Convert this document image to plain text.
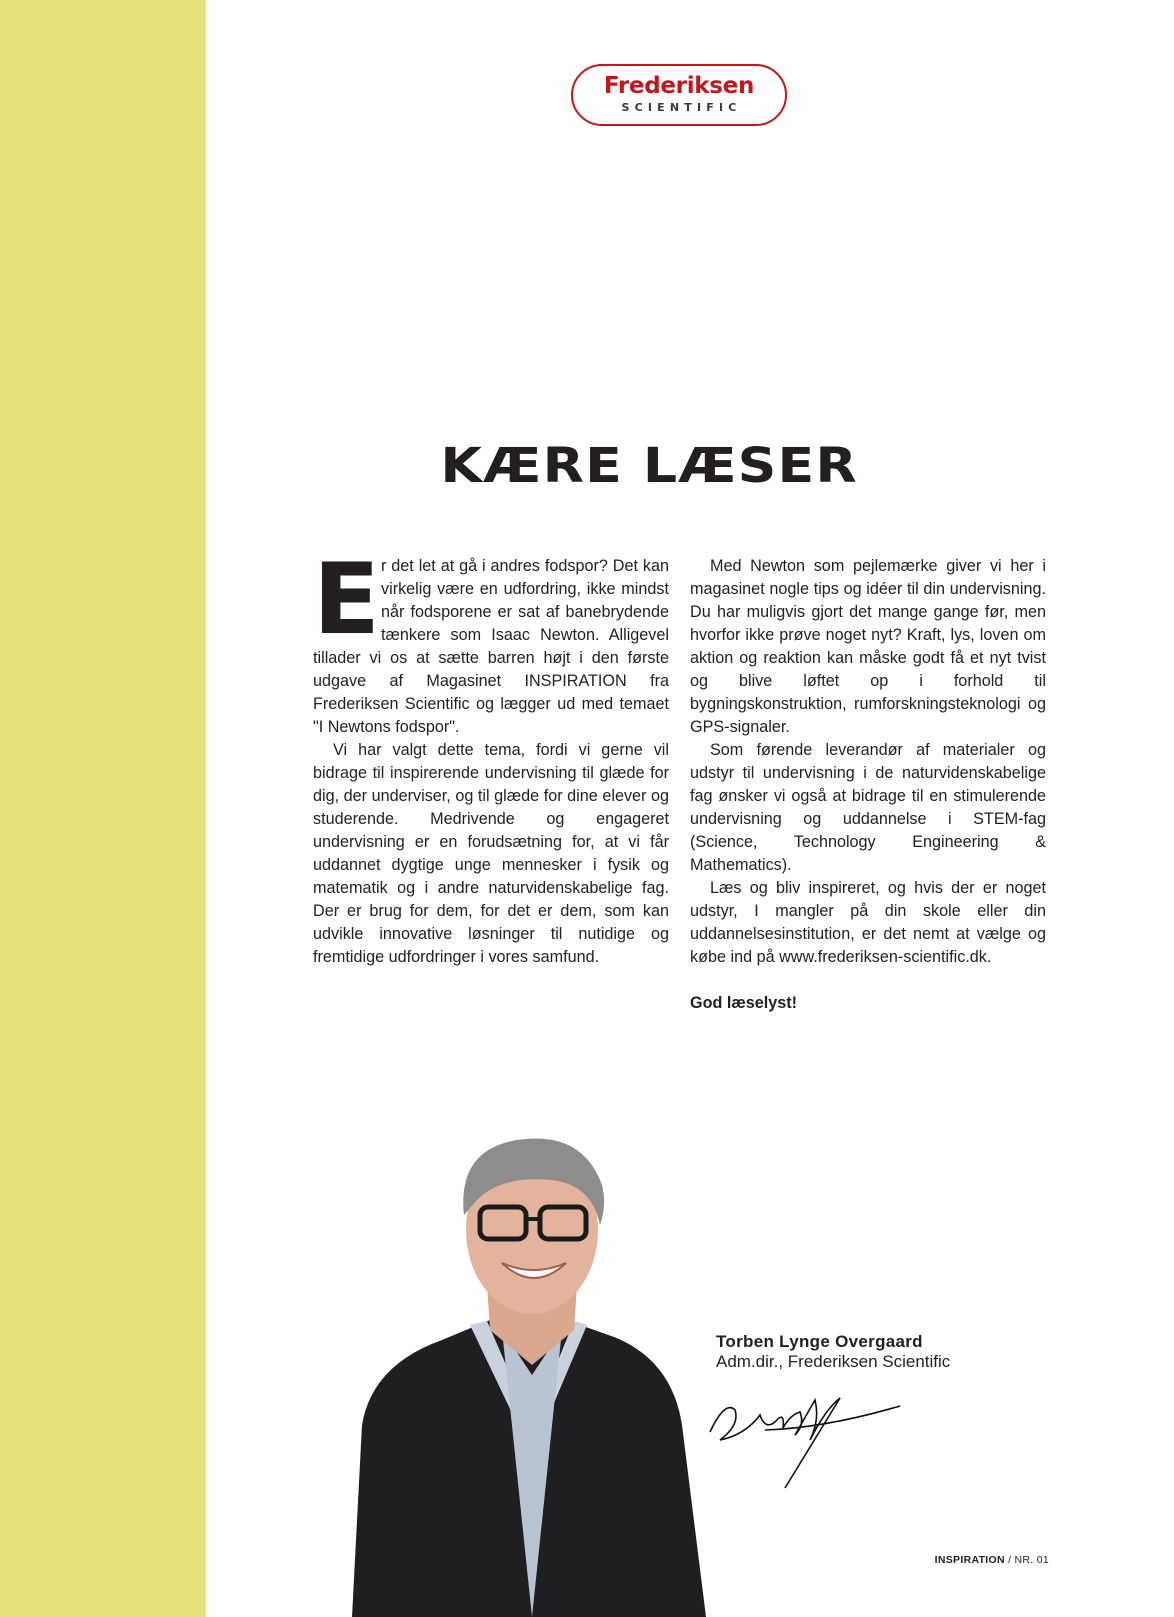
Frederiksen
SCIENTIFIC
KÆRE LÆSER

Er det let at gå i andres fodspor? Det kan virkelig være en udfordring, ikke mindst når fodsporene er sat af banebrydende tænkere som Isaac Newton. Alligevel tillader vi os at sætte barren højt i den første udgave af Magasinet INSPIRATION fra Frederiksen Scientific og lægger ud med temaet "I Newtons fodspor".

Vi har valgt dette tema, fordi vi gerne vil bidrage til inspirerende undervisning til glæde for dig, der underviser, og til glæde for dine elever og studerende. Medrivende og engageret undervisning er en forudsætning for, at vi får uddannet dygtige unge mennesker i fysik og matematik og i andre naturvidenskabelige fag. Der er brug for dem, for det er dem, som kan udvikle innovative løsninger til nutidige og fremtidige udfordringer i vores samfund.

Med Newton som pejlemærke giver vi her i magasinet nogle tips og idéer til din undervisning. Du har muligvis gjort det mange gange før, men hvorfor ikke prøve noget nyt? Kraft, lys, loven om aktion og reaktion kan måske godt få et nyt tvist og blive løftet op i forhold til bygningskonstruktion, rumforskningsteknologi og GPS-signaler.

Som førende leverandør af materialer og udstyr til undervisning i de naturvidenskabelige fag ønsker vi også at bidrage til en stimulerende undervisning og uddannelse i STEM-fag (Science, Technology Engineering & Mathematics).

Læs og bliv inspireret, og hvis der er noget udstyr, I mangler på din skole eller din uddannelsesinstitution, er det nemt at vælge og købe ind på www.frederiksen-scientific.dk.

God læselyst!

Torben Lynge Overgaard
Adm.dir., Frederiksen Scientific
INSPIRATION / NR. 01
